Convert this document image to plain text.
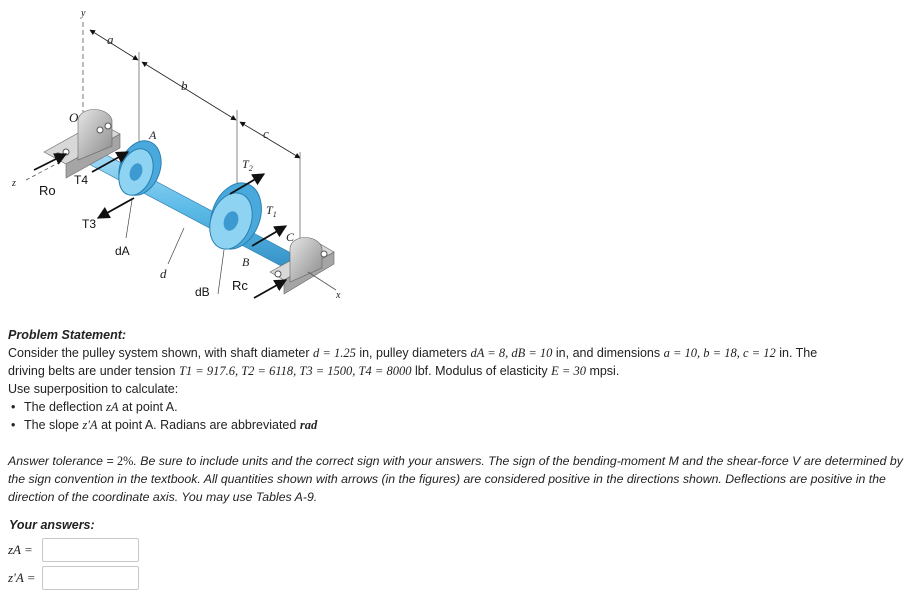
y
a
b
c
O
A
B
C
z
x
Ro
T4
T3
$T_2$
$T_1$
Rc
dA
d
dB
Problem Statement:
Consider the pulley system shown, with shaft diameter d = 1.25 in, pulley diameters dA = 8, dB = 10 in, and dimensions a = 10, b = 18, c = 12 in. The
driving belts are under tension T1 = 917.6, T2 = 6118, T3 = 1500, T4 = 8000 lbf. Modulus of elasticity E = 30 mpsi.
Use superposition to calculate:
• The deflection zA at point A.
• The slope z'A at point A. Radians are abbreviated rad
Answer tolerance = 2%. Be sure to include units and the correct sign with your answers. The sign of the bending-moment M and the shear-force V are determined by the sign convention in the textbook. All quantities shown with arrows (in the figures) are considered positive in the directions shown. Deflections are positive in the direction of the coordinate axis. You may use Tables A-9.
Your answers:
zA =
z'A =
